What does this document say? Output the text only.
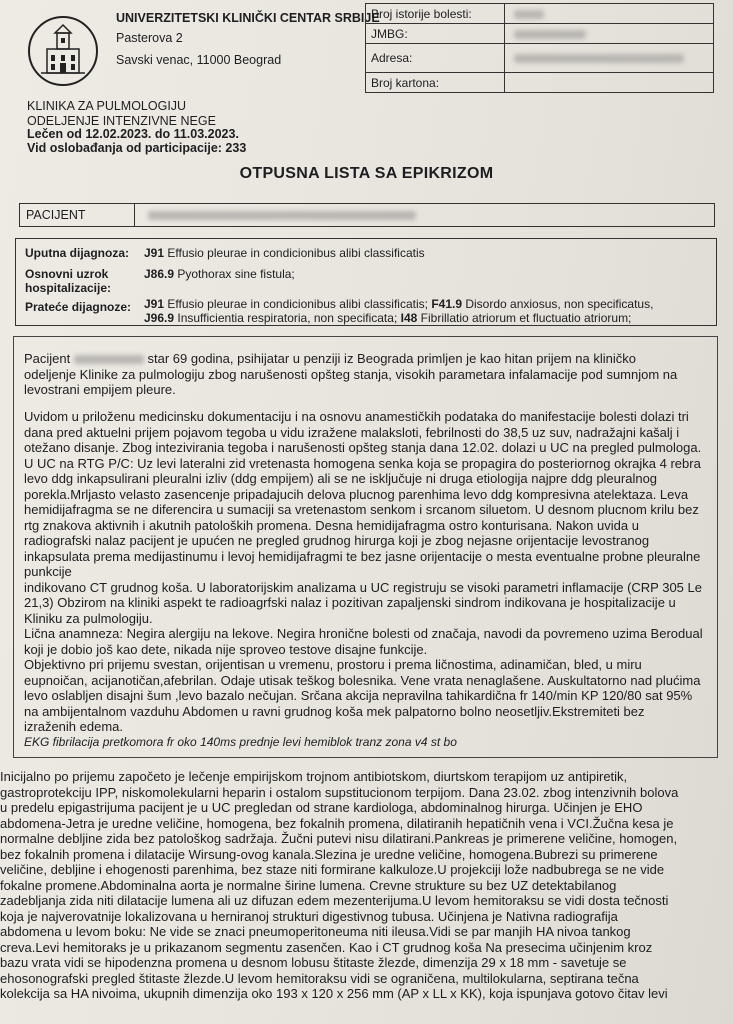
UNIVERZITETSKI KLINIČKI CENTAR SRBIJE
Pasterova 2
Savski venac, 11000 Beograd
Broj istorije bolesti:	
JMBG:	
Adresa:	
Broj kartona:	
KLINIKA ZA PULMOLOGIJU
ODELJENJE INTENZIVNE NEGE
Lečen od 12.02.2023. do 11.03.2023.
Vid oslobađanja od participacije: 233
OTPUSNA LISTA SA EPIKRIZOM
PACIJENT
Uputna dijagnoza: J91 Effusio pleurae in condicionibus alibi classificatis
Osnovni uzrok
hospitalizacije:
J86.9 Pyothorax sine fistula;
Prateće dijagnoze: J91 Effusio pleurae in condicionibus alibi classificatis; F41.9 Disordo anxiosus, non specificatus,
J96.9 Insufficientia respiratoria, non specificata; I48 Fibrillatio atriorum et fluctuatio atriorum;
Pacijent	star 69 godina, psihijatar u penziji iz Beograda primljen je kao hitan prijem na kliničko
odeljenje Klinike za pulmologiju zbog narušenosti opšteg stanja, visokih parametara infalamacije pod sumnjom na
levostrani empijem pleure.
Uvidom u priloženu medicinsku dokumentaciju i na osnovu anamestičkih podataka do manifestacije bolesti dolazi tri
dana pred aktuelni prijem pojavom tegoba u vidu izražene malaksloti, febrilnosti do 38,5 uz suv, nadražajni kašalj i
otežano disanje. Zbog intezivirania tegoba i narušenosti opšteg stanja dana 12.02. dolazi u UC na pregled pulmologa.
U UC na RTG P/C: Uz levi lateralni zid vretenasta homogena senka koja se propagira do posteriornog okrajka 4 rebra
levo ddg inkapsulirani pleuralni izliv (ddg empijem) ali se ne isključuje ni druga etiologija najpre ddg pleuralnog
porekla.Mrljasto velasto zasencenje pripadajucih delova plucnog parenhima levo ddg kompresivna atelektaza. Leva
hemidijafragma se ne diferencira u sumaciji sa vretenastom senkom i srcanom siluetom. U desnom plucnom krilu bez
rtg znakova aktivnih i akutnih patoloških promena. Desna hemidijafragma ostro konturisana. Nakon uvida u
radiografski nalaz pacijent je upućen ne pregled grudnog hirurga koji je zbog nejasne orijentacije levostranog
inkapsulata prema medijastinumu i levoj hemidijafragmi te bez jasne orijentacije o mesta eventualne probne pleuralne
punkcije
indikovano CT grudnog koša. U laboratorijskim analizama u UC registruju se visoki parametri inflamacije (CRP 305 Le
21,3) Obzirom na kliniki aspekt te radioagrfski nalaz i pozitivan zapaljenski sindrom indikovana je hospitalizacije u
Kliniku za pulmologiju.
Lična anamneza: Negira alergiju na lekove. Negira hronične bolesti od značaja, navodi da povremeno uzima Berodual
koji je dobio još kao dete, nikada nije sproveo testove disajne funkcije.
Objektivno pri prijemu svestan, orijentisan u vremenu, prostoru i prema ličnostima, adinamičan, bled, u miru
eupnoičan, acijanotičan,afebrilan. Odaje utisak teškog bolesnika. Vene vrata nenaglašene. Auskultatorno nad plućima
levo oslabljen disajni šum ,levo bazalo nečujan. Srčana akcija nepravilna tahikardična fr 140/min KP 120/80 sat 95%
na ambijentalnom vazduhu Abdomen u ravni grudnog koša mek palpatorno bolno neosetljiv.Ekstremiteti bez
izraženih edema.
EKG fibrilacija pretkomora fr oko 140ms prednje levi hemiblok tranz zona v4 st bo
Inicijalno po prijemu započeto je lečenje empirijskom trojnom antibiotskom, diurtskom terapijom uz antipiretik,
gastroprotekciju IPP, niskomolekularni heparin i ostalom supstitucionom terpijom. Dana 23.02. zbog intenzivnih bolova
u predelu epigastrijuma pacijent je u UC pregledan od strane kardiologa, abdominalnog hirurga. Učinjen je EHO
abdomena-Jetra je uredne veličine, homogena, bez fokalnih promena, dilatiranih hepatičnih vena i VCI.Žučna kesa je
normalne debljine zida bez patološkog sadržaja. Žučni putevi nisu dilatirani.Pankreas je primerene veličine, homogen,
bez fokalnih promena i dilatacije Wirsung-ovog kanala.Slezina je uredne veličine, homogena.Bubrezi su primerene
veličine, debljine i ehogenosti parenhima, bez staze niti formirane kalkuloze.U projekciji lože nadbubrega se ne vide
fokalne promene.Abdominalna aorta je normalne širine lumena. Crevne strukture su bez UZ detektabilanog
zadebljanja zida niti dilatacije lumena ali uz difuzan edem mezenterijuma.U levom hemitoraksu se vidi dosta tečnosti
koja je najverovatnije lokalizovana u herniranoj strukturi digestivnog tubusa. Učinjena je Nativna radiografija
abdomena u levom boku: Ne vide se znaci pneumoperitoneuma niti ileusa.Vidi se par manjih HA nivoa tankog
creva.Levi hemitoraks je u prikazanom segmentu zasenčen. Kao i CT grudnog koša Na presecima učinjenim kroz
bazu vrata vidi se hipodenzna promena u desnom lobusu štitaste žlezde, dimenzija 29 x 18 mm - savetuje se
ehosonografski pregled štitaste žlezde.U levom hemitoraksu vidi se ograničena, multilokularna, septirana tečna
kolekcija sa HA nivoima, ukupnih dimenzija oko 193 x 120 x 256 mm (AP x LL x KK), koja ispunjava gotovo čitav levi
